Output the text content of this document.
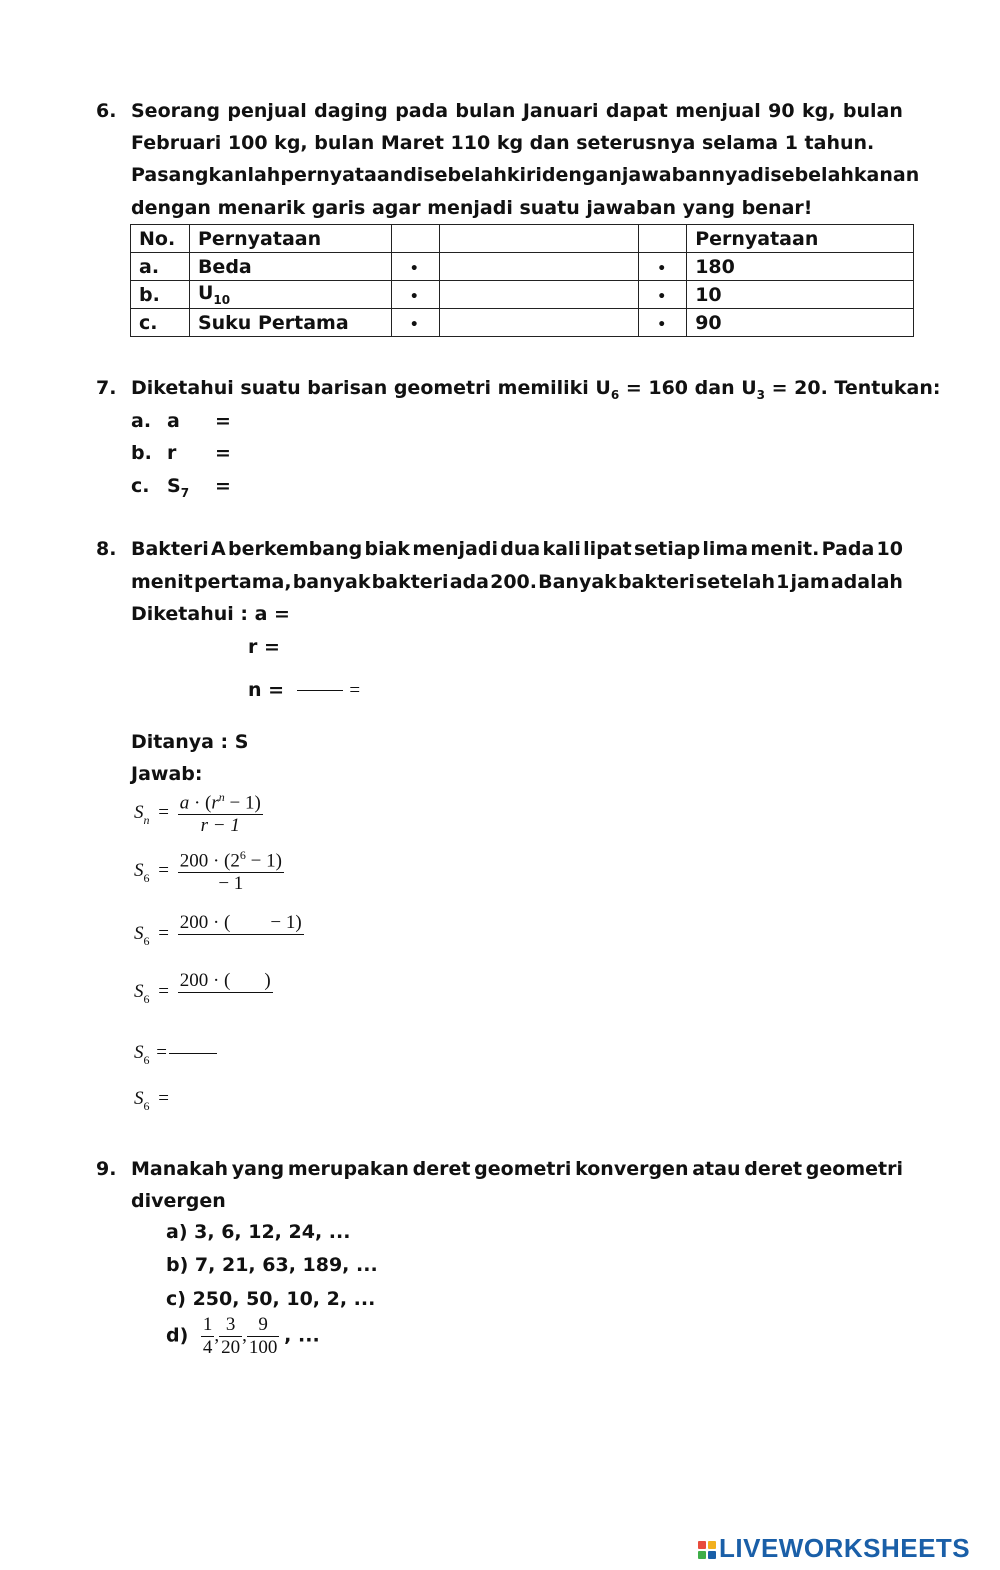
6. Seorang penjual daging pada bulan Januari dapat menjual 90 kg, bulan
Februari 100 kg, bulan Maret 110 kg dan seterusnya selama 1 tahun.
Pasangkanlah pernyataan di sebelah kiri dengan jawabannya di sebelah kanan
dengan menarik garis agar menjadi suatu jawaban yang benar!
No.	Pernyataan				Pernyataan
a.	Beda	•		•	180
b.	$U_{10}$	•		•	10
c.	Suku Pertama	•		•	90
7. Diketahui suatu barisan geometri memiliki $U_6 = 160$ dan $U_3 = 20$. Tentukan:
a. a =
b. r =
c. $S_7$ =
8. Bakteri A berkembang biak menjadi dua kali lipat setiap lima menit. Pada 10
menit pertama, banyak bakteri ada 200. Banyak bakteri setelah 1 jam adalah
Diketahui : a =
r =
n =	=
Ditanya : S
Jawab:
$S_n = \frac{a \cdot (r^n - 1)}{r - 1}$
$S_6 = \frac{200 \cdot (2^6 - 1)}{- 1}$
$S_6$ =
200 · ( − 1)

$S_6$ =
200 · ( )

$S_6$ =
$S_6$ =
9. Manakah yang merupakan deret geometri konvergen atau deret geometri
divergen
a) 3, 6, 12, 24, ...
b) 7, 21, 63, 189, ...
c) 250, 50, 10, 2, ...
$d) \frac{1}{4}$ , $\frac{3}{20}$ , $\frac{9}{100}$ , ...
LIVEWORKSHEETS
